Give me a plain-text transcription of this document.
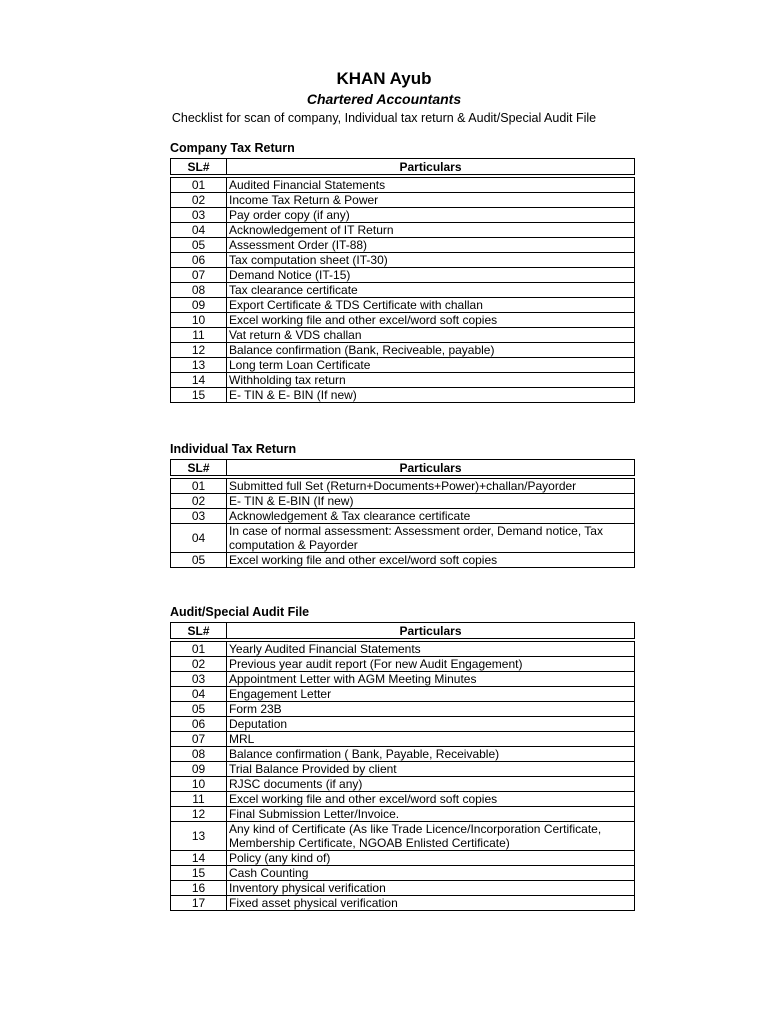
KHAN Ayub
Chartered Accountants
Checklist for scan of company, Individual tax return & Audit/Special Audit File
Company Tax Return
SL#	Particulars

01	Audited Financial Statements
02	Income Tax Return & Power
03	Pay order copy (if any)
04	Acknowledgement of IT Return
05	Assessment Order (IT-88)
06	Tax computation sheet (IT-30)
07	Demand Notice (IT-15)
08	Tax clearance certificate
09	Export Certificate & TDS Certificate with challan
10	Excel working file and other excel/word soft copies
11	Vat return & VDS challan
12	Balance confirmation (Bank, Reciveable, payable)
13	Long term Loan Certificate
14	Withholding tax return
15	E- TIN & E- BIN (If new)
Individual Tax Return
SL#	Particulars

01	Submitted full Set (Return+Documents+Power)+challan/Payorder
02	E- TIN & E-BIN (If new)
03	Acknowledgement & Tax clearance certificate
04	In case of normal assessment: Assessment order, Demand notice, Tax computation & Payorder
05	Excel working file and other excel/word soft copies
Audit/Special Audit File
SL#	Particulars

01	Yearly Audited Financial Statements
02	Previous year audit report (For new Audit Engagement)
03	Appointment Letter with AGM Meeting Minutes
04	Engagement Letter
05	Form 23B
06	Deputation
07	MRL
08	Balance confirmation ( Bank, Payable, Receivable)
09	Trial Balance Provided by client
10	RJSC documents (if any)
11	Excel working file and other excel/word soft copies
12	Final Submission Letter/Invoice.
13	Any kind of Certificate (As like Trade Licence/Incorporation Certificate, Membership Certificate, NGOAB Enlisted Certificate)
14	Policy (any kind of)
15	Cash Counting
16	Inventory physical verification
17	Fixed asset physical verification
